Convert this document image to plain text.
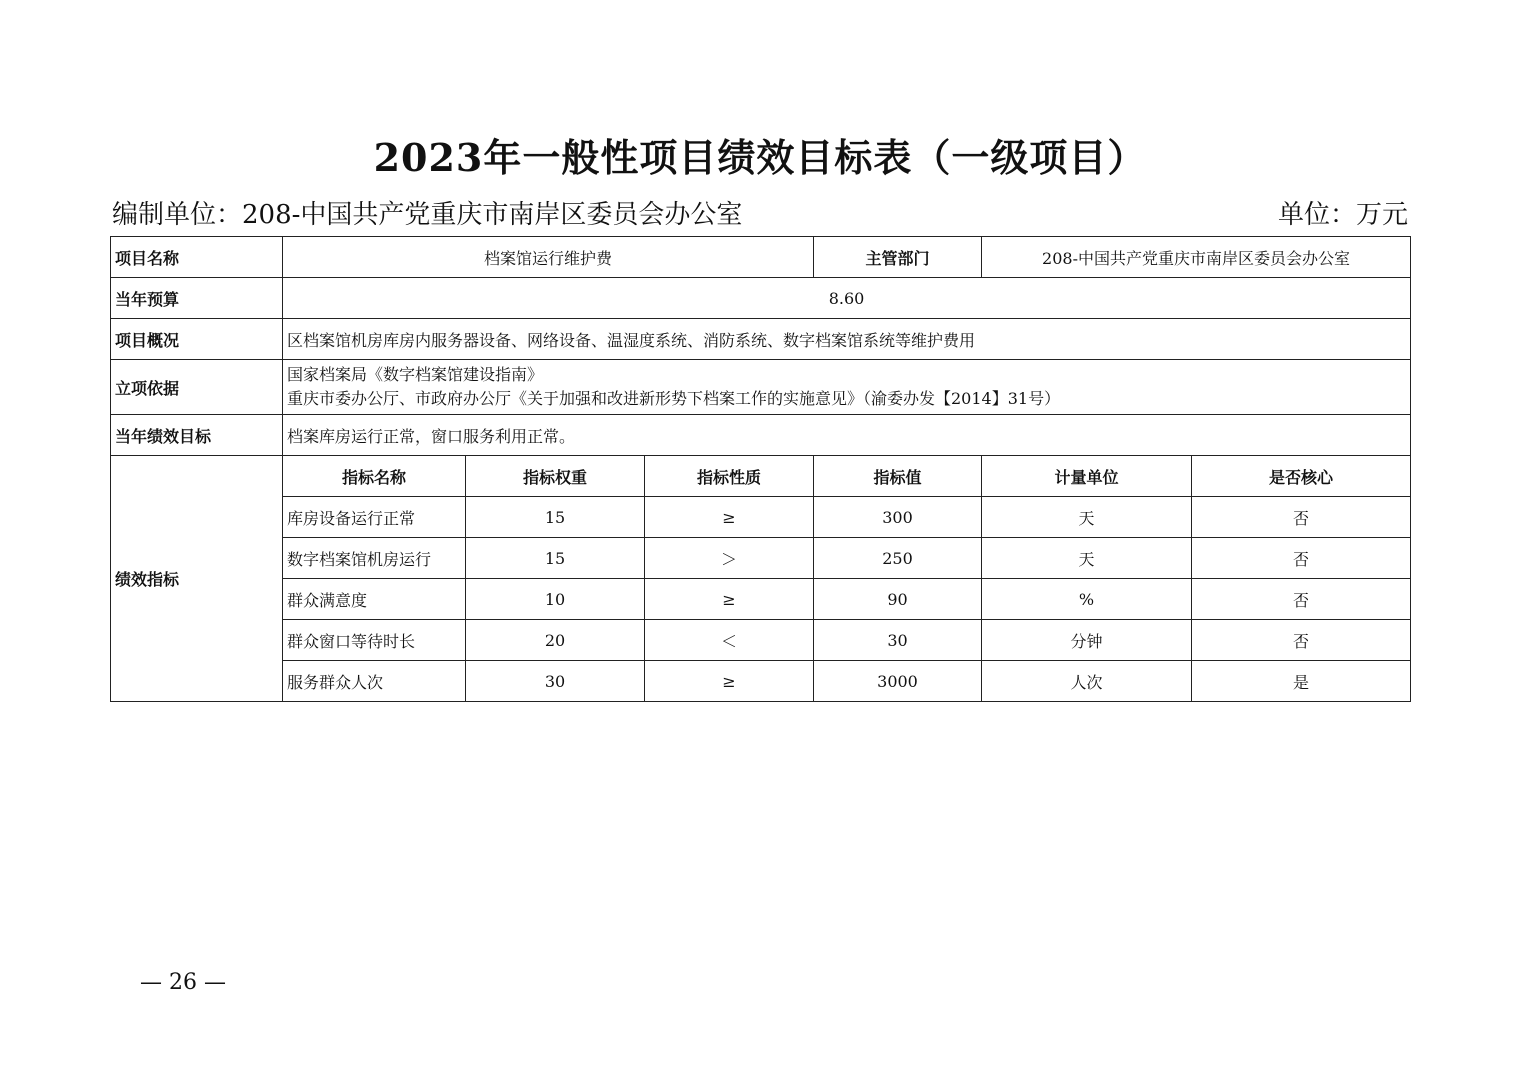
2023年一般性项目绩效目标表（一级项目）
编制单位：208-中国共产党重庆市南岸区委员会办公室	单位：万元
项目名称	档案馆运行维护费			主管部门	208-中国共产党重庆市南岸区委员会办公室	
当年预算	8.60					
项目概况	区档案馆机房库房内服务器设备、网络设备、温湿度系统、消防系统、数字档案馆系统等维护费用					
立项依据	国家档案局《数字档案馆建设指南》
重庆市委办公厅、市政府办公厅《关于加强和改进新形势下档案工作的实施意见》（渝委办发【2014】31号）					

当年绩效目标	档案库房运行正常，窗口服务利用正常。					
绩效指标	指标名称	指标权重	指标性质	指标值	计量单位	是否核心
	库房设备运行正常	15	≥	300	天	否
	数字档案馆机房运行	15	＞	250	天	否
	群众满意度	10	≥	90	%	否
	群众窗口等待时长	20	＜	30	分钟	否
	服务群众人次	30	≥	3000	人次	是
— 26 —
